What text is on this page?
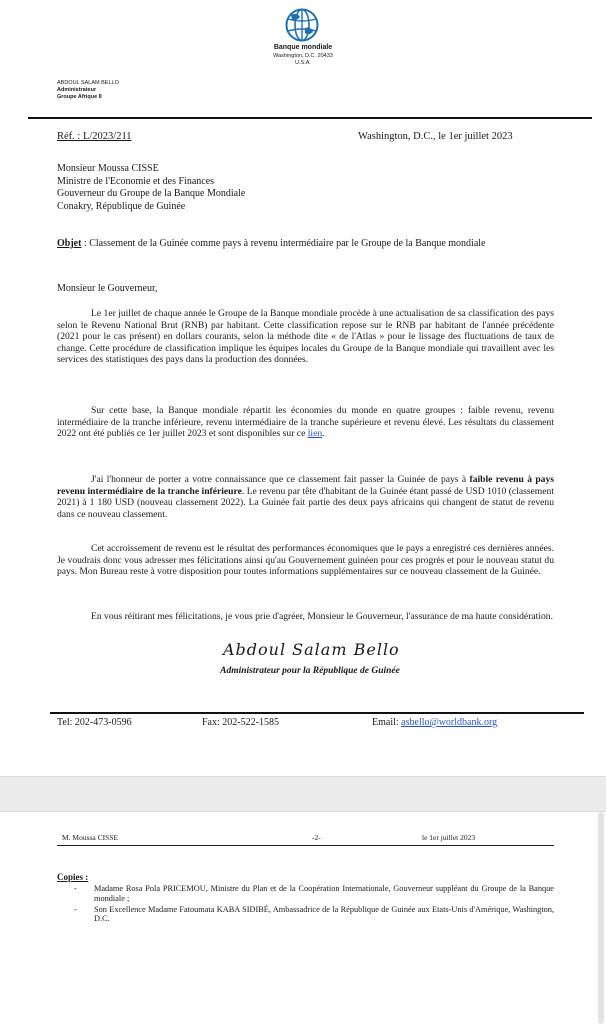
Banque mondiale
Washington, D.C. 20433
U.S.A.
ABDOUL SALAM BELLO
Administrateur
Groupe Afrique II
Réf. : L/2023/211	Washington, D.C., le 1er juillet 2023
Monsieur Moussa CISSE
Ministre de l'Economie et des Finances
Gouverneur du Groupe de la Banque Mondiale
Conakry, République de Guinée
Objet : Classement de la Guinée comme pays à revenu intermédiaire par le Groupe de la Banque mondiale
Monsieur le Gouverneur,

Le 1er juillet de chaque année le Groupe de la Banque mondiale procède à une actualisation de sa classification des pays selon le Revenu National Brut (RNB) par habitant. Cette classification repose sur le RNB par habitant de l'année précédente (2021 pour le cas présent) en dollars courants, selon la méthode dite « de l'Atlas » pour le lissage des fluctuations de taux de change. Cette procédure de classification implique les équipes locales du Groupe de la Banque mondiale qui travaillent avec les services des statistiques des pays dans la production des données.

Sur cette base, la Banque mondiale répartit les économies du monde en quatre groupes : faible revenu, revenu intermédiaire de la tranche inférieure, revenu intermédiaire de la tranche supérieure et revenu élevé. Les résultats du classement 2022 ont été publiés ce 1er juillet 2023 et sont disponibles sur ce lien.

J'ai l'honneur de porter a votre connaissance que ce classement fait passer la Guinée de pays à faible revenu à pays revenu intermédiaire de la tranche inférieure. Le revenu par tête d'habitant de la Guinée étant passé de USD 1010 (classement 2021) à 1 180 USD (nouveau classement 2022). La Guinée fait partie des deux pays africains qui changent de statut de revenu dans ce nouveau classement.

Cet accroissement de revenu est le résultat des performances économiques que le pays a enregistré ces dernières années. Je voudrais donc vous adresser mes félicitations ainsi qu'au Gouvernement guinéen pour ces progrès et pour le nouveau statut du pays. Mon Bureau reste à votre disposition pour toutes informations supplémentaires sur ce nouveau classement de la Guinée.

En vous réitirant mes félicitations, je vous prie d'agréer, Monsieur le Gouverneur, l'assurance de ma haute considération.

Abdoul Salam Bello
Administrateur pour la République de Guinée
Tel: 202-473-0596	Fax: 202-522-1585	Email: asbello@worldbank.org
M. Moussa CISSE	-2-	le 1er juillet 2023
Copies :
- Madame Rosa Pola PRICEMOU, Ministre du Plan et de la Coopération Internationale, Gouverneur suppléant du Groupe de la Banque mondiale ;
- Son Excellence Madame Fatoumata KABA SIDIBÉ, Ambassadrice de la République de Guinée aux Etats-Unis d'Amérique, Washington, D.C.
